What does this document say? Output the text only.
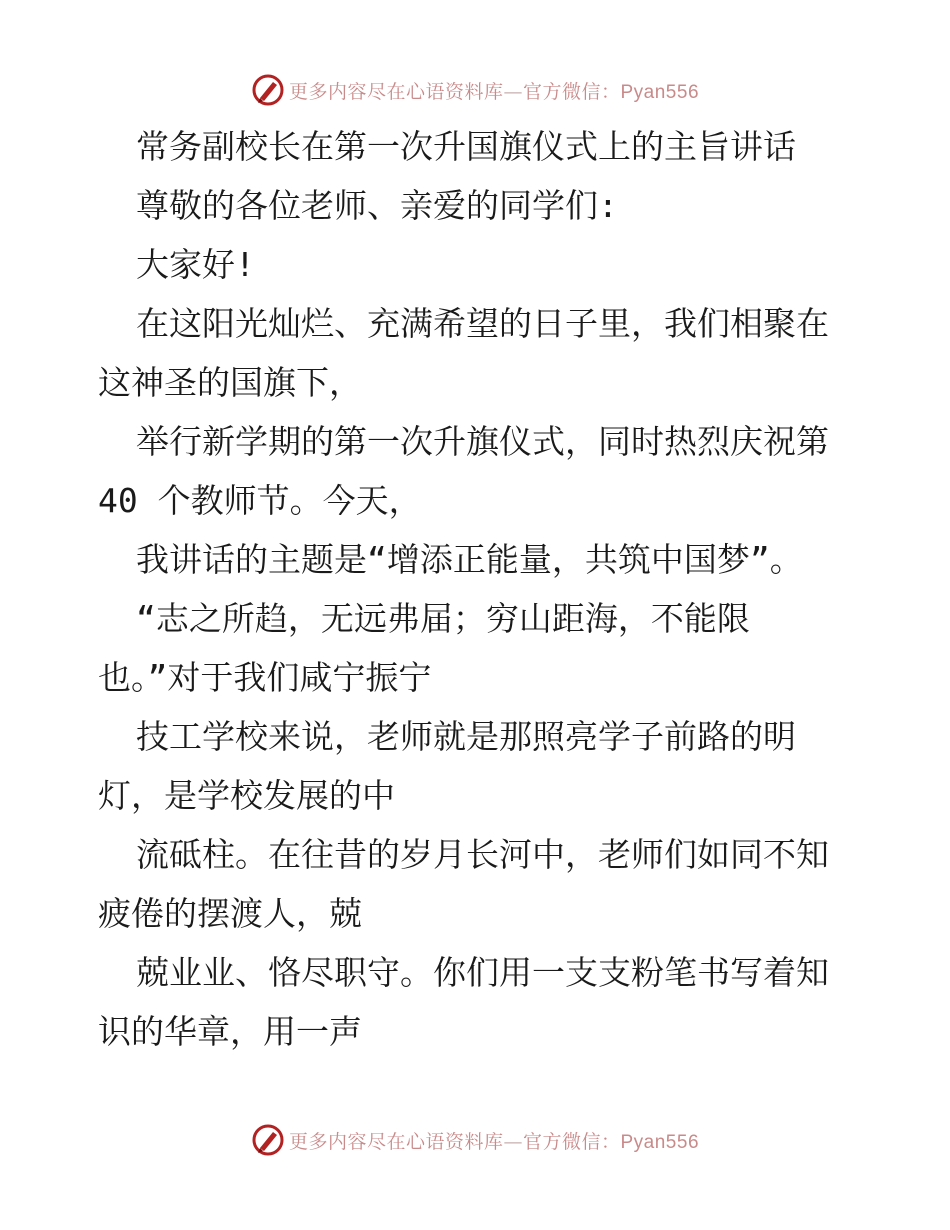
更多内容尽在心语资料库—官方微信：Pyan556
常务副校长在第一次升国旗仪式上的主旨讲话
尊敬的各位老师、亲爱的同学们:
大家好!
在这阳光灿烂、充满希望的日子里，我们相聚在
这神圣的国旗下，
举行新学期的第一次升旗仪式，同时热烈庆祝第
40 个教师节。今天，
我讲话的主题是“增添正能量，共筑中国梦”。
“志之所趋，无远弗届；穷山距海，不能限
也。”对于我们咸宁振宁
技工学校来说，老师就是那照亮学子前路的明
灯，是学校发展的中
流砥柱。在往昔的岁月长河中，老师们如同不知
疲倦的摆渡人，兢
兢业业、恪尽职守。你们用一支支粉笔书写着知
识的华章，用一声
更多内容尽在心语资料库—官方微信：Pyan556
